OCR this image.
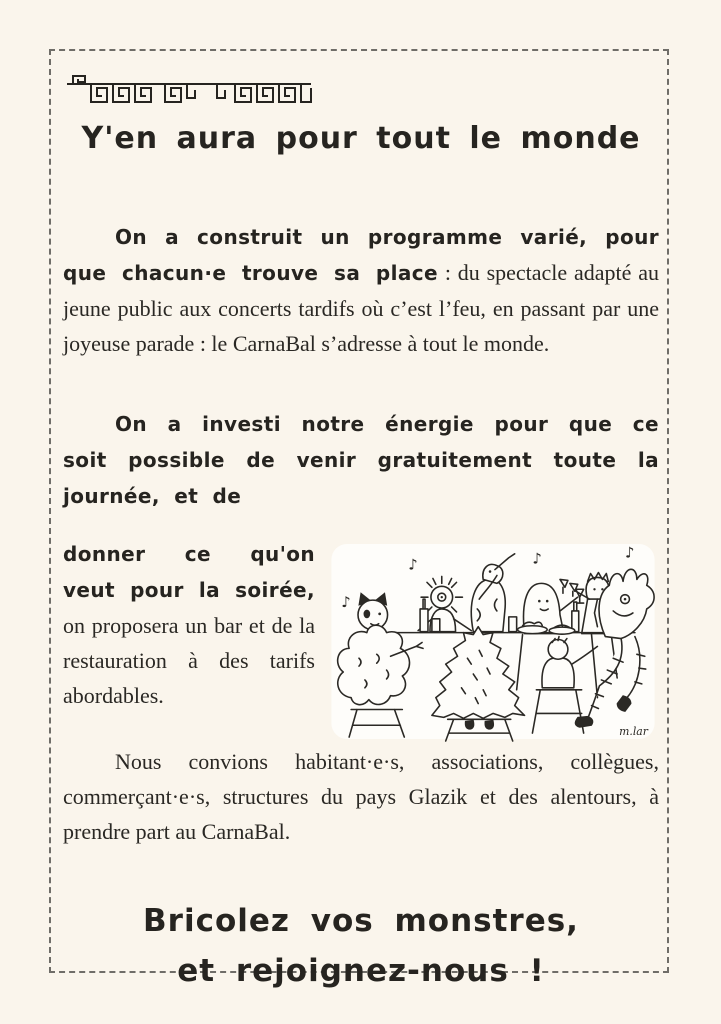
Y'en aura pour tout le monde

On a construit un programme varié, pour que chacun·e trouve sa place : du spectacle adapté au jeune public aux concerts tardifs où c’est l’feu, en passant par une joyeuse parade : le CarnaBal s’adresse à tout le monde.

On a investi notre énergie pour que ce soit possible de venir gratuitement toute la journée, et de

♪	♪	♪
♪
m.lar
donner ce qu'on veut pour la soirée, on proposera un bar et de la restauration à des tarifs abordables.

Nous convions habitant·e·s, associations, collègues, commerçant·e·s, structures du pays Glazik et des alentours, à prendre part au CarnaBal.

Bricolez vos monstres,
et rejoignez-nous !
